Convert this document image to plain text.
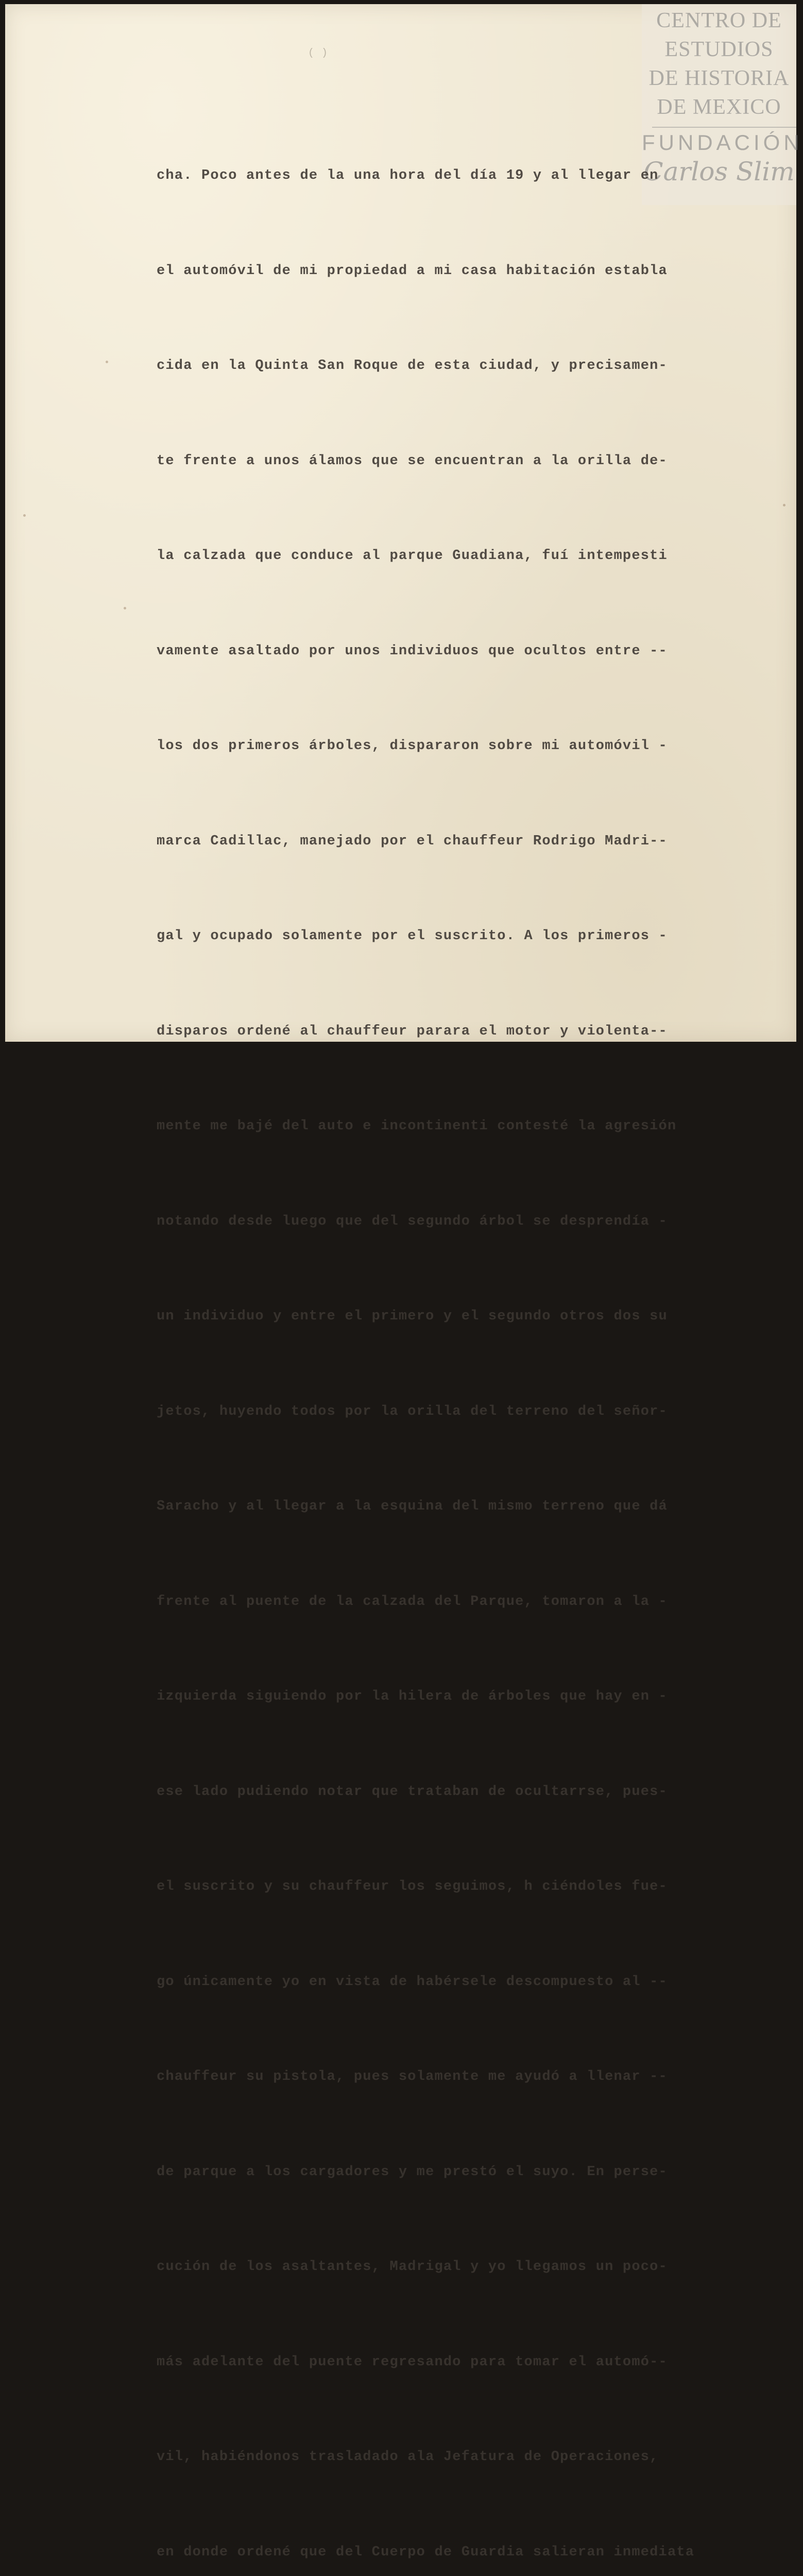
( )
CENTRO DE
ESTUDIOS
DE HISTORIA
DE MEXICO
FUNDACIÓN
Carlos Slim

cha. Poco antes de la una hora del día 19 y al llegar en

el automóvil de mi propiedad a mi casa habitación establa

cida en la Quinta San Roque de esta ciudad, y precisamen-

te frente a unos álamos que se encuentran a la orilla de-

la calzada que conduce al parque Guadiana, fuí intempesti

vamente asaltado por unos individuos que ocultos entre --

los dos primeros árboles, dispararon sobre mi automóvil -

marca Cadillac, manejado por el chauffeur Rodrigo Madri--

gal y ocupado solamente por el suscrito. A los primeros -

disparos ordené al chauffeur parara el motor y violenta--

mente me bajé del auto e incontinenti contesté la agresión

notando desde luego que del segundo árbol se desprendía -

un individuo y entre el primero y el segundo otros dos su

jetos, huyendo todos por la orilla del terreno del señor-

Saracho y al llegar a la esquina del mismo terreno que dá

frente al puente de la calzada del Parque, tomaron a la -

izquierda siguiendo por la hilera de árboles que hay en -

ese lado pudiendo notar que trataban de ocultarrse, pues-

el suscrito y su chauffeur los seguimos, h ciéndoles fue-

go únicamente yo en vista de habérsele descompuesto al --

chauffeur su pistola, pues solamente me ayudó a llenar --

de parque a los cargadores y me prestó el suyo. En perse-

cución de los asaltantes, Madrigal y yo llegamos un poco-

más adelante del puente regresando para tomar el automó--

vil, habiéndonos trasladado ala Jefatura de Operaciones,

en donde ordené que del Cuerpo de Guardia salieran inmediata
